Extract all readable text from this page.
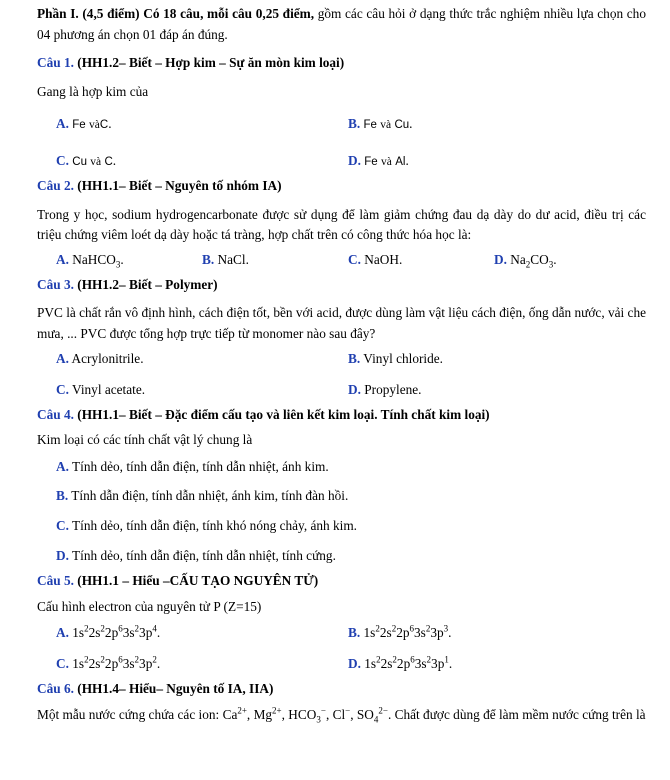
Phần I. (4,5 điểm) Có 18 câu, mỗi câu 0,25 điểm, gồm các câu hỏi ở dạng thức trắc nghiệm nhiều lựa chọn cho 04 phương án chọn 01 đáp án đúng.

Câu 1. (HH1.2– Biết – Hợp kim – Sự ăn mòn kim loại)

Gang là hợp kim của

A. Fe vàC.	B. Fe và Cu.
C. Cu và C.	D. Fe và Al.

Câu 2. (HH1.1– Biết – Nguyên tố nhóm IA)

Trong y học, sodium hydrogencarbonate được sử dụng để làm giảm chứng đau dạ dày do dư acid, điều trị các triệu chứng viêm loét dạ dày hoặc tá tràng, hợp chất trên có công thức hóa học là:

A. NaHCO$_3$.	B. NaCl.	C. NaOH.	D. $Na_2CO_3$.

Câu 3. (HH1.2– Biết – Polymer)

PVC là chất rắn vô định hình, cách điện tốt, bền với acid, được dùng làm vật liệu cách điện, ống dẫn nước, vải che mưa, ... PVC được tổng hợp trực tiếp từ monomer nào sau đây?

A. Acrylonitrile.	B. Vinyl chloride.
C. Vinyl acetate.	D. Propylene.

Câu 4. (HH1.1– Biết – Đặc điểm cấu tạo và liên kết kim loại. Tính chất kim loại)

Kim loại có các tính chất vật lý chung là

A. Tính dẻo, tính dẫn điện, tính dẫn nhiệt, ánh kim.
B. Tính dẫn điện, tính dẫn nhiệt, ánh kim, tính đàn hồi.
C. Tính dẻo, tính dẫn điện, tính khó nóng chảy, ánh kim.
D. Tính dẻo, tính dẫn điện, tính dẫn nhiệt, tính cứng.

Câu 5. (HH1.1 – Hiểu –CẤU TẠO NGUYÊN TỬ)

Cấu hình electron của nguyên tử P (Z=15)

A. $1s^22s^22p^63s^23p^4$.	B. $1s^22s^22p^63s^23p^3$.
C. $1s^22s^22p^63s^23p^2$.	D. $1s^22s^22p^63s^23p^1$.

Câu 6. (HH1.4– Hiểu– Nguyên tố IA, IIA)

Một mẫu nước cứng chứa các ion: $Ca^{2+}$, $Mg^{2+}$, $HCO_3^-$, Cl−, $SO_4^{2-}$. Chất được dùng để làm mềm nước cứng trên là
